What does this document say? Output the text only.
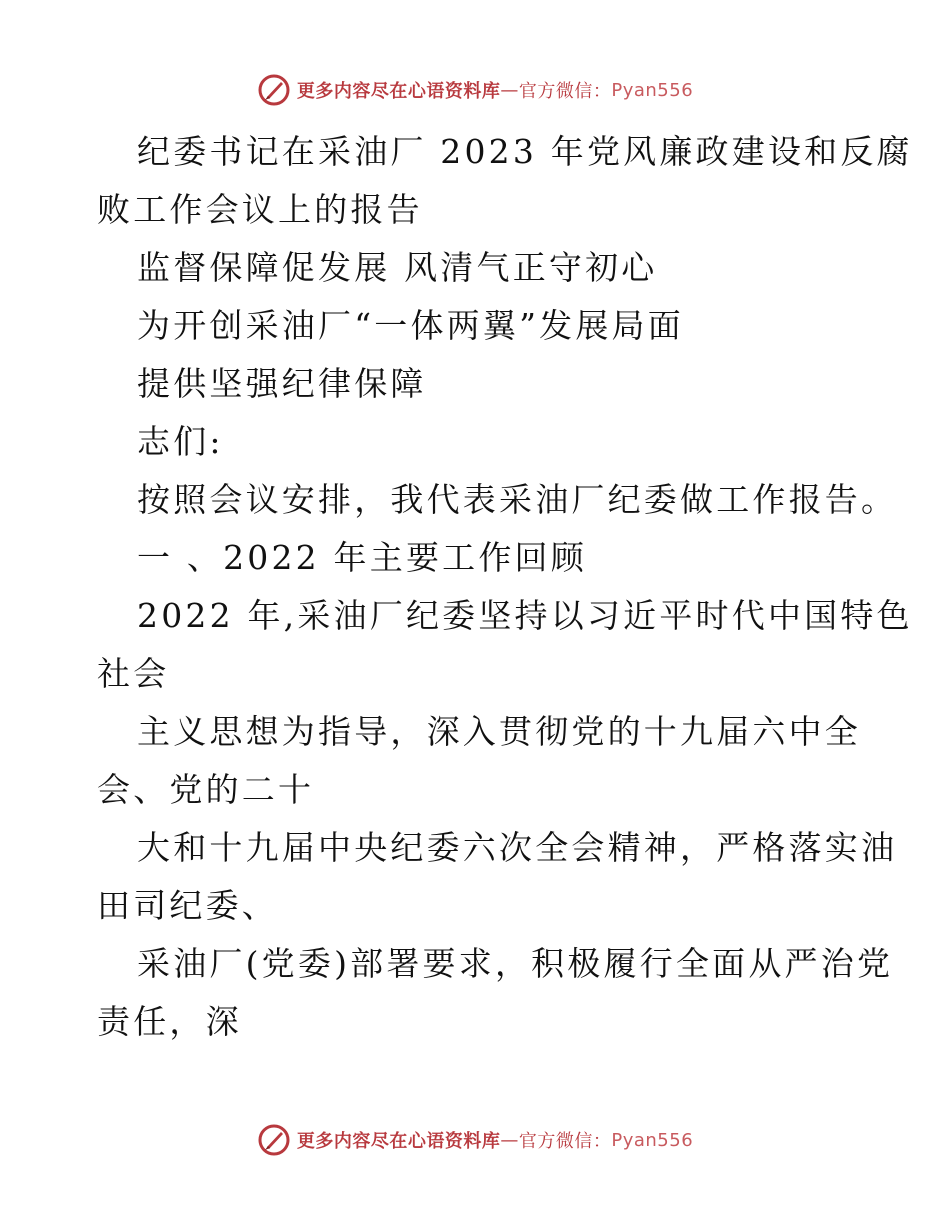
更多内容尽在心语资料库 — 官方微信： Pyan556
纪委书记在采油厂 2023 年党风廉政建设和反腐
败工作会议上的报告
监督保障促发展 风清气正守初心
为开创采油厂“一体两翼”发展局面
提供坚强纪律保障
志们:
按照会议安排，我代表采油厂纪委做工作报告。
一 、2022 年主要工作回顾
2022 年,采油厂纪委坚持以习近平时代中国特色
社会
主义思想为指导，深入贯彻党的十九届六中全
会、党的二十
大和十九届中央纪委六次全会精神，严格落实油
田司纪委、
采油厂(党委)部署要求，积极履行全面从严治党
责任，深
更多内容尽在心语资料库 — 官方微信： Pyan556
